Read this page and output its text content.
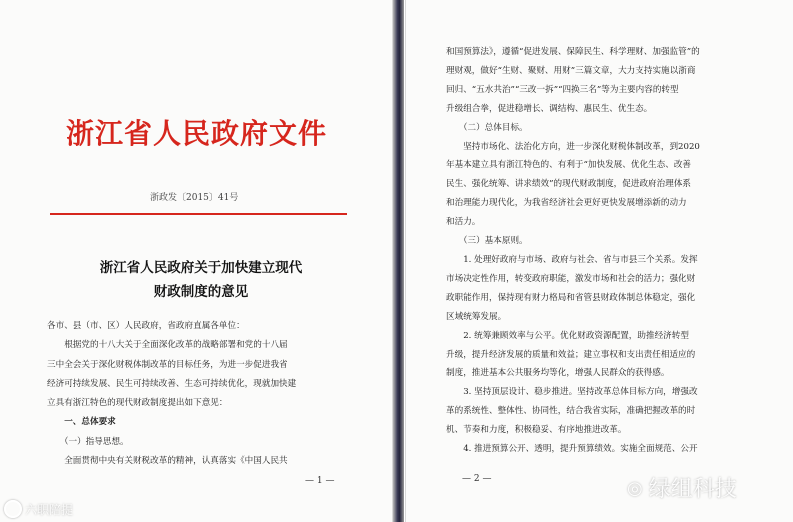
浙江省人民政府文件
浙政发〔2015〕41号
浙江省人民政府关于加快建立现代
财政制度的意见
各市、县（市、区）人民政府，省政府直属各单位：
　　根据党的十八大关于全面深化改革的战略部署和党的十八届
三中全会关于深化财税体制改革的目标任务，为进一步促进我省
经济可持续发展、民生可持续改善、生态可持续优化，现就加快建
立具有浙江特色的现代财政制度提出如下意见：
　　一、总体要求
　　（一）指导思想。
　　全面贯彻中央有关财税改革的精神，认真落实《中国人民共
— 1 —
和国预算法》，遵循“促进发展、保障民生、科学理财、加强监管”的
理财观，做好“生财、聚财、用财”三篇文章，大力支持实施以浙商
回归、“五水共治”“三改一拆”“四换三名”等为主要内容的转型
升级组合拳，促进稳增长、调结构、惠民生、优生态。
　　（二）总体目标。
　　坚持市场化、法治化方向，进一步深化财税体制改革，到2020
年基本建立具有浙江特色的、有利于“加快发展、优化生态、改善
民生、强化统筹、讲求绩效”的现代财政制度，促进政府治理体系
和治理能力现代化，为我省经济社会更好更快发展增添新的动力
和活力。
　　（三）基本原则。
　　1. 处理好政府与市场、政府与社会、省与市县三个关系。发挥
市场决定性作用，转变政府职能，激发市场和社会的活力；强化财
政职能作用，保持现有财力格局和省管县财政体制总体稳定，强化
区域统筹发展。
　　2. 统筹兼顾效率与公平。优化财政资源配置，助推经济转型
升级，提升经济发展的质量和效益；建立事权和支出责任相适应的
制度，推进基本公共服务均等化，增强人民群众的获得感。
　　3. 坚持顶层设计、稳步推进。坚持改革总体目标方向，增强改
革的系统性、整体性、协同性，结合我省实际，准确把握改革的时
机、节奏和力度，积极稳妥、有序地推进改革。
　　4. 推进预算公开、透明，提升预算绩效。实施全面规范、公开
— 2 —
六职陪提
◎ 绿组科技
